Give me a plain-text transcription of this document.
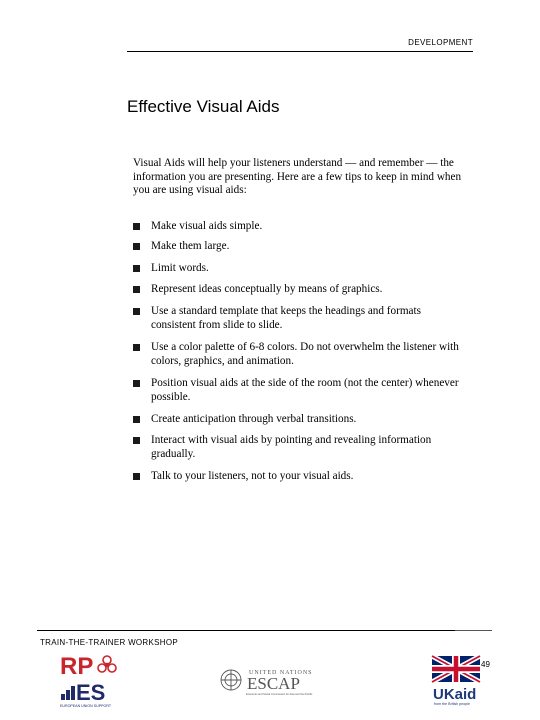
DEVELOPMENT
Effective Visual Aids

Visual Aids will help your listeners understand — and remember — the information you are presenting. Here are a few tips to keep in mind when you are using visual aids:

Make visual aids simple.
Make them large.
Limit words.
Represent ideas conceptually by means of graphics.
Use a standard template that keeps the headings and formats consistent from slide to slide.
Use a color palette of 6-8 colors. Do not overwhelm the listener with colors, graphics, and animation.
Position visual aids at the side of the room (not the center) whenever possible.
Create anticipation through verbal transitions.
Interact with visual aids by pointing and revealing information gradually.
Talk to your listeners, not to your visual aids.
TRAIN-THE-TRAINER WORKSHOP
49
RP
ES
EUROPEAN UNION SUPPORT
UNITED NATIONS
ESCAP
Economic and Social Commission for Asia and the Pacific	UKaid
from the British people
